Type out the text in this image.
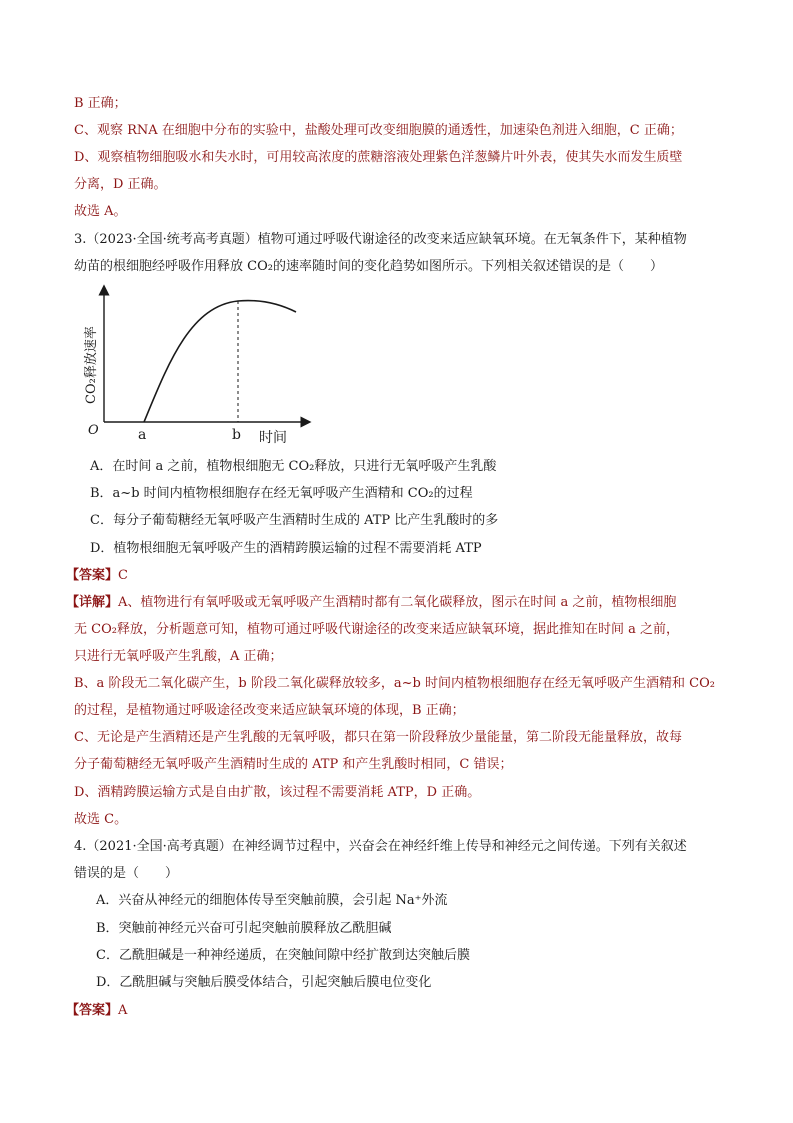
B 正确；
C、观察 RNA 在细胞中分布的实验中，盐酸处理可改变细胞膜的通透性，加速染色剂进入细胞，C 正确；
D、观察植物细胞吸水和失水时，可用较高浓度的蔗糖溶液处理紫色洋葱鳞片叶外表，使其失水而发生质壁
分离，D 正确。
故选 A。
3.（2023·全国·统考高考真题）植物可通过呼吸代谢途径的改变来适应缺氧环境。在无氧条件下，某种植物
幼苗的根细胞经呼吸作用释放 CO₂的速率随时间的变化趋势如图所示。下列相关叙述错误的是（　　）
CO₂释放速率
O	a	b 时间
A．在时间 a 之前，植物根细胞无 CO₂释放，只进行无氧呼吸产生乳酸
B．a~b 时间内植物根细胞存在经无氧呼吸产生酒精和 CO₂的过程
C．每分子葡萄糖经无氧呼吸产生酒精时生成的 ATP 比产生乳酸时的多
D．植物根细胞无氧呼吸产生的酒精跨膜运输的过程不需要消耗 ATP
【答案】C
【详解】A、植物进行有氧呼吸或无氧呼吸产生酒精时都有二氧化碳释放，图示在时间 a 之前，植物根细胞
无 CO₂释放，分析题意可知，植物可通过呼吸代谢途径的改变来适应缺氧环境，据此推知在时间 a 之前，
只进行无氧呼吸产生乳酸，A 正确；
B、a 阶段无二氧化碳产生，b 阶段二氧化碳释放较多，a~b 时间内植物根细胞存在经无氧呼吸产生酒精和 CO₂
的过程，是植物通过呼吸途径改变来适应缺氧环境的体现，B 正确；
C、无论是产生酒精还是产生乳酸的无氧呼吸，都只在第一阶段释放少量能量，第二阶段无能量释放，故每
分子葡萄糖经无氧呼吸产生酒精时生成的 ATP 和产生乳酸时相同，C 错误；
D、酒精跨膜运输方式是自由扩散，该过程不需要消耗 ATP，D 正确。
故选 C。
4.（2021·全国·高考真题）在神经调节过程中，兴奋会在神经纤维上传导和神经元之间传递。下列有关叙述
错误的是（　　）
A．兴奋从神经元的细胞体传导至突触前膜，会引起 Na⁺外流
B．突触前神经元兴奋可引起突触前膜释放乙酰胆碱
C．乙酰胆碱是一种神经递质，在突触间隙中经扩散到达突触后膜
D．乙酰胆碱与突触后膜受体结合，引起突触后膜电位变化
【答案】A
